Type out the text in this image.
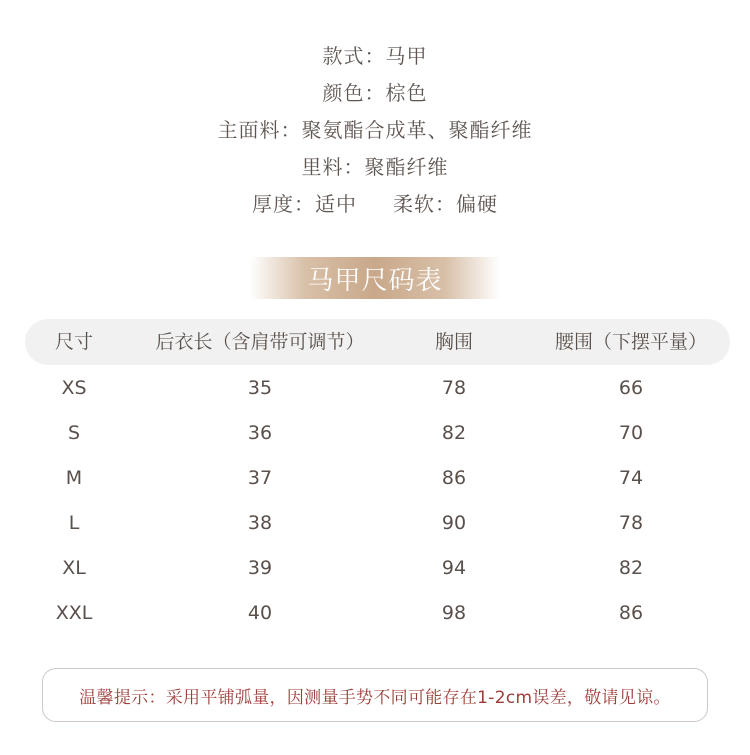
款式：马甲
颜色：棕色
主面料：聚氨酯合成革、聚酯纤维
里料：聚酯纤维
厚度：适中 柔软：偏硬
马甲尺码表
尺寸	后衣长（含肩带可调节）	胸围	腰围（下摆平量）
XS	35	78	66
S	36	82	70
M	37	86	74
L	38	90	78
XL	39	94	82
XXL	40	98	86
温馨提示：采用平铺弧量，因测量手势不同可能存在1-2cm误差，敬请见谅。
